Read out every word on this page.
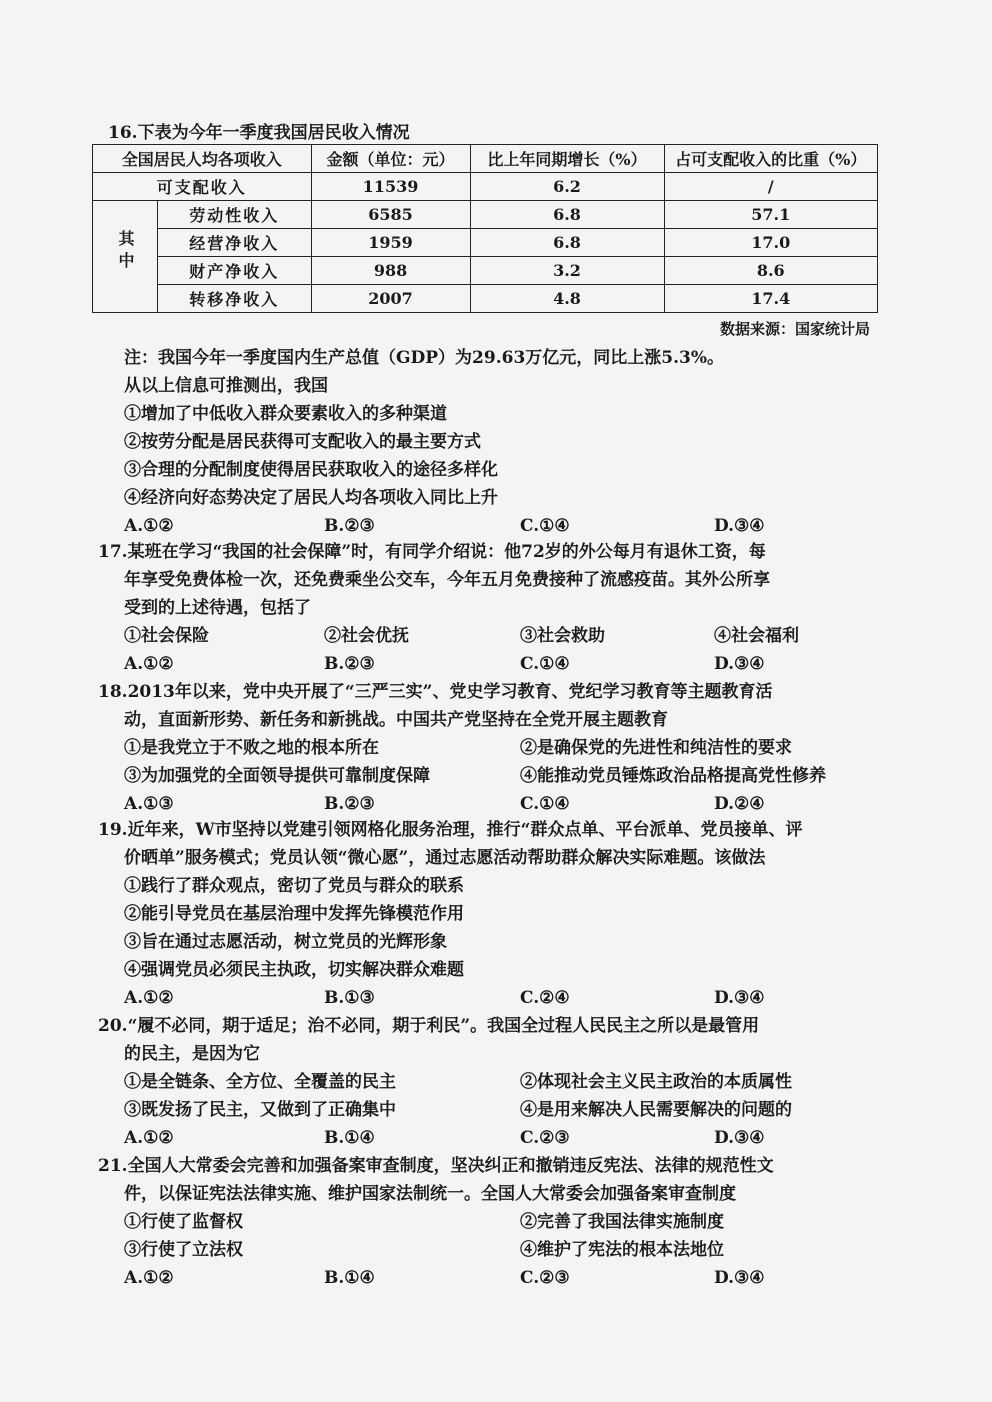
16.下表为今年一季度我国居民收入情况
全国居民人均各项收入		金额（单位：元）	比上年同期增长（%）	占可支配收入的比重（%）
可支配收入		11539	6.2	/
其中	劳动性收入	6585	6.8	57.1
	经营净收入	1959	6.8	17.0
	财产净收入	988	3.2	8.6
	转移净收入	2007	4.8	17.4
数据来源：国家统计局
注：我国今年一季度国内生产总值（GDP）为29.63万亿元，同比上涨5.3%。
从以上信息可推测出，我国
①增加了中低收入群众要素收入的多种渠道
②按劳分配是居民获得可支配收入的最主要方式
③合理的分配制度使得居民获取收入的途径多样化
④经济向好态势决定了居民人均各项收入同比上升
A.①②	B.②③	C.①④	D.③④
17.某班在学习“我国的社会保障”时，有同学介绍说：他72岁的外公每月有退休工资，每
年享受免费体检一次，还免费乘坐公交车，今年五月免费接种了流感疫苗。其外公所享
受到的上述待遇，包括了
①社会保险	②社会优抚	③社会救助	④社会福利
A.①②	B.②③	C.①④	D.③④
18.2013年以来，党中央开展了“三严三实”、党史学习教育、党纪学习教育等主题教育活
动，直面新形势、新任务和新挑战。中国共产党坚持在全党开展主题教育
①是我党立于不败之地的根本所在	②是确保党的先进性和纯洁性的要求
③为加强党的全面领导提供可靠制度保障	④能推动党员锤炼政治品格提高党性修养
A.①③	B.②③	C.①④	D.②④
19.近年来，W市坚持以党建引领网格化服务治理，推行“群众点单、平台派单、党员接单、评
价晒单”服务模式；党员认领“微心愿”，通过志愿活动帮助群众解决实际难题。该做法
①践行了群众观点，密切了党员与群众的联系
②能引导党员在基层治理中发挥先锋模范作用
③旨在通过志愿活动，树立党员的光辉形象
④强调党员必须民主执政，切实解决群众难题
A.①②	B.①③	C.②④	D.③④
20.“履不必同，期于适足；治不必同，期于利民”。我国全过程人民民主之所以是最管用
的民主，是因为它
①是全链条、全方位、全覆盖的民主	②体现社会主义民主政治的本质属性
③既发扬了民主，又做到了正确集中	④是用来解决人民需要解决的问题的
A.①②	B.①④	C.②③	D.③④
21.全国人大常委会完善和加强备案审查制度，坚决纠正和撤销违反宪法、法律的规范性文
件，以保证宪法法律实施、维护国家法制统一。全国人大常委会加强备案审查制度
①行使了监督权	②完善了我国法律实施制度
③行使了立法权	④维护了宪法的根本法地位
A.①②	B.①④	C.②③	D.③④
